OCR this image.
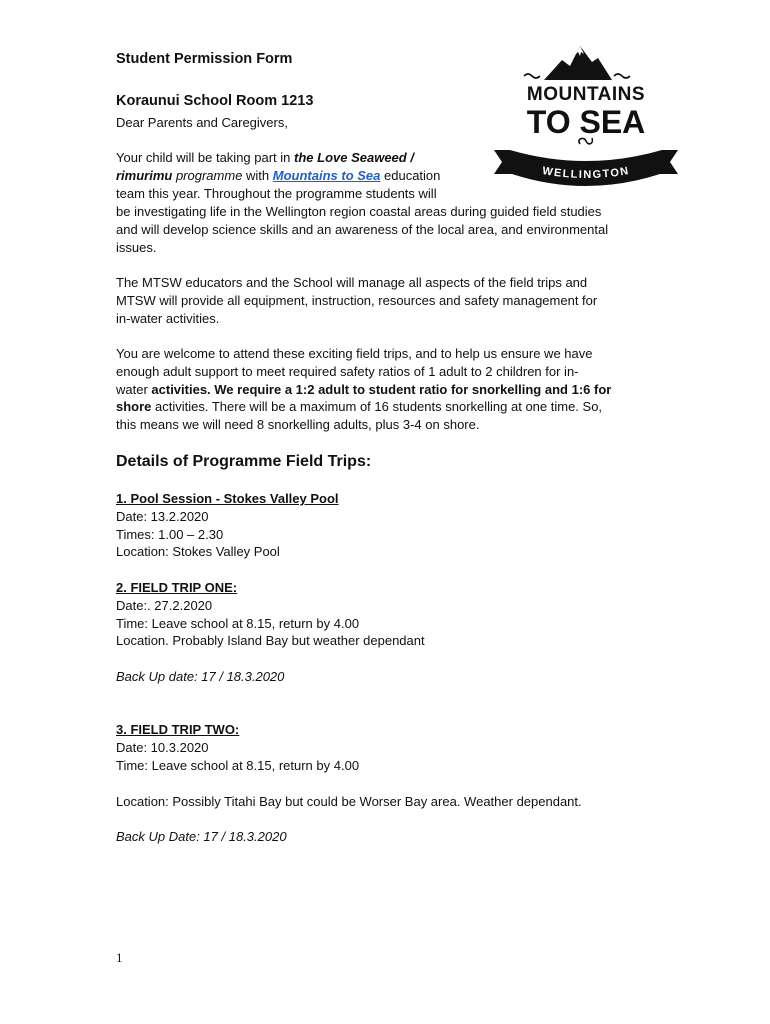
Student Permission Form
Koraunui School Room 1213
Dear Parents and Caregivers,
MOUNTAINS
TO SEA
WELLINGTON
Your child will be taking part in the Love Seaweed /
rimurimu programme with Mountains to Sea education
team this year. Throughout the programme students will
be investigating life in the Wellington region coastal areas during guided field studies
and will develop science skills and an awareness of the local area, and environmental
issues.
The MTSW educators and the School will manage all aspects of the field trips and
MTSW will provide all equipment, instruction, resources and safety management for
in-water activities.
You are welcome to attend these exciting field trips, and to help us ensure we have
enough adult support to meet required safety ratios of 1 adult to 2 children for in-
water activities. We require a 1:2 adult to student ratio for snorkelling and 1:6 for
shore activities. There will be a maximum of 16 students snorkelling at one time. So,
this means we will need 8 snorkelling adults, plus 3-4 on shore.
Details of Programme Field Trips:
1. Pool Session - Stokes Valley Pool
Date: 13.2.2020
Times: 1.00 – 2.30
Location: Stokes Valley Pool
2. FIELD TRIP ONE:
Date:. 27.2.2020
Time: Leave school at 8.15, return by 4.00
Location. Probably Island Bay but weather dependant
Back Up date: 17 / 18.3.2020
3. FIELD TRIP TWO:
Date: 10.3.2020
Time: Leave school at 8.15, return by 4.00
Location: Possibly Titahi Bay but could be Worser Bay area. Weather dependant.
Back Up Date: 17 / 18.3.2020
1
